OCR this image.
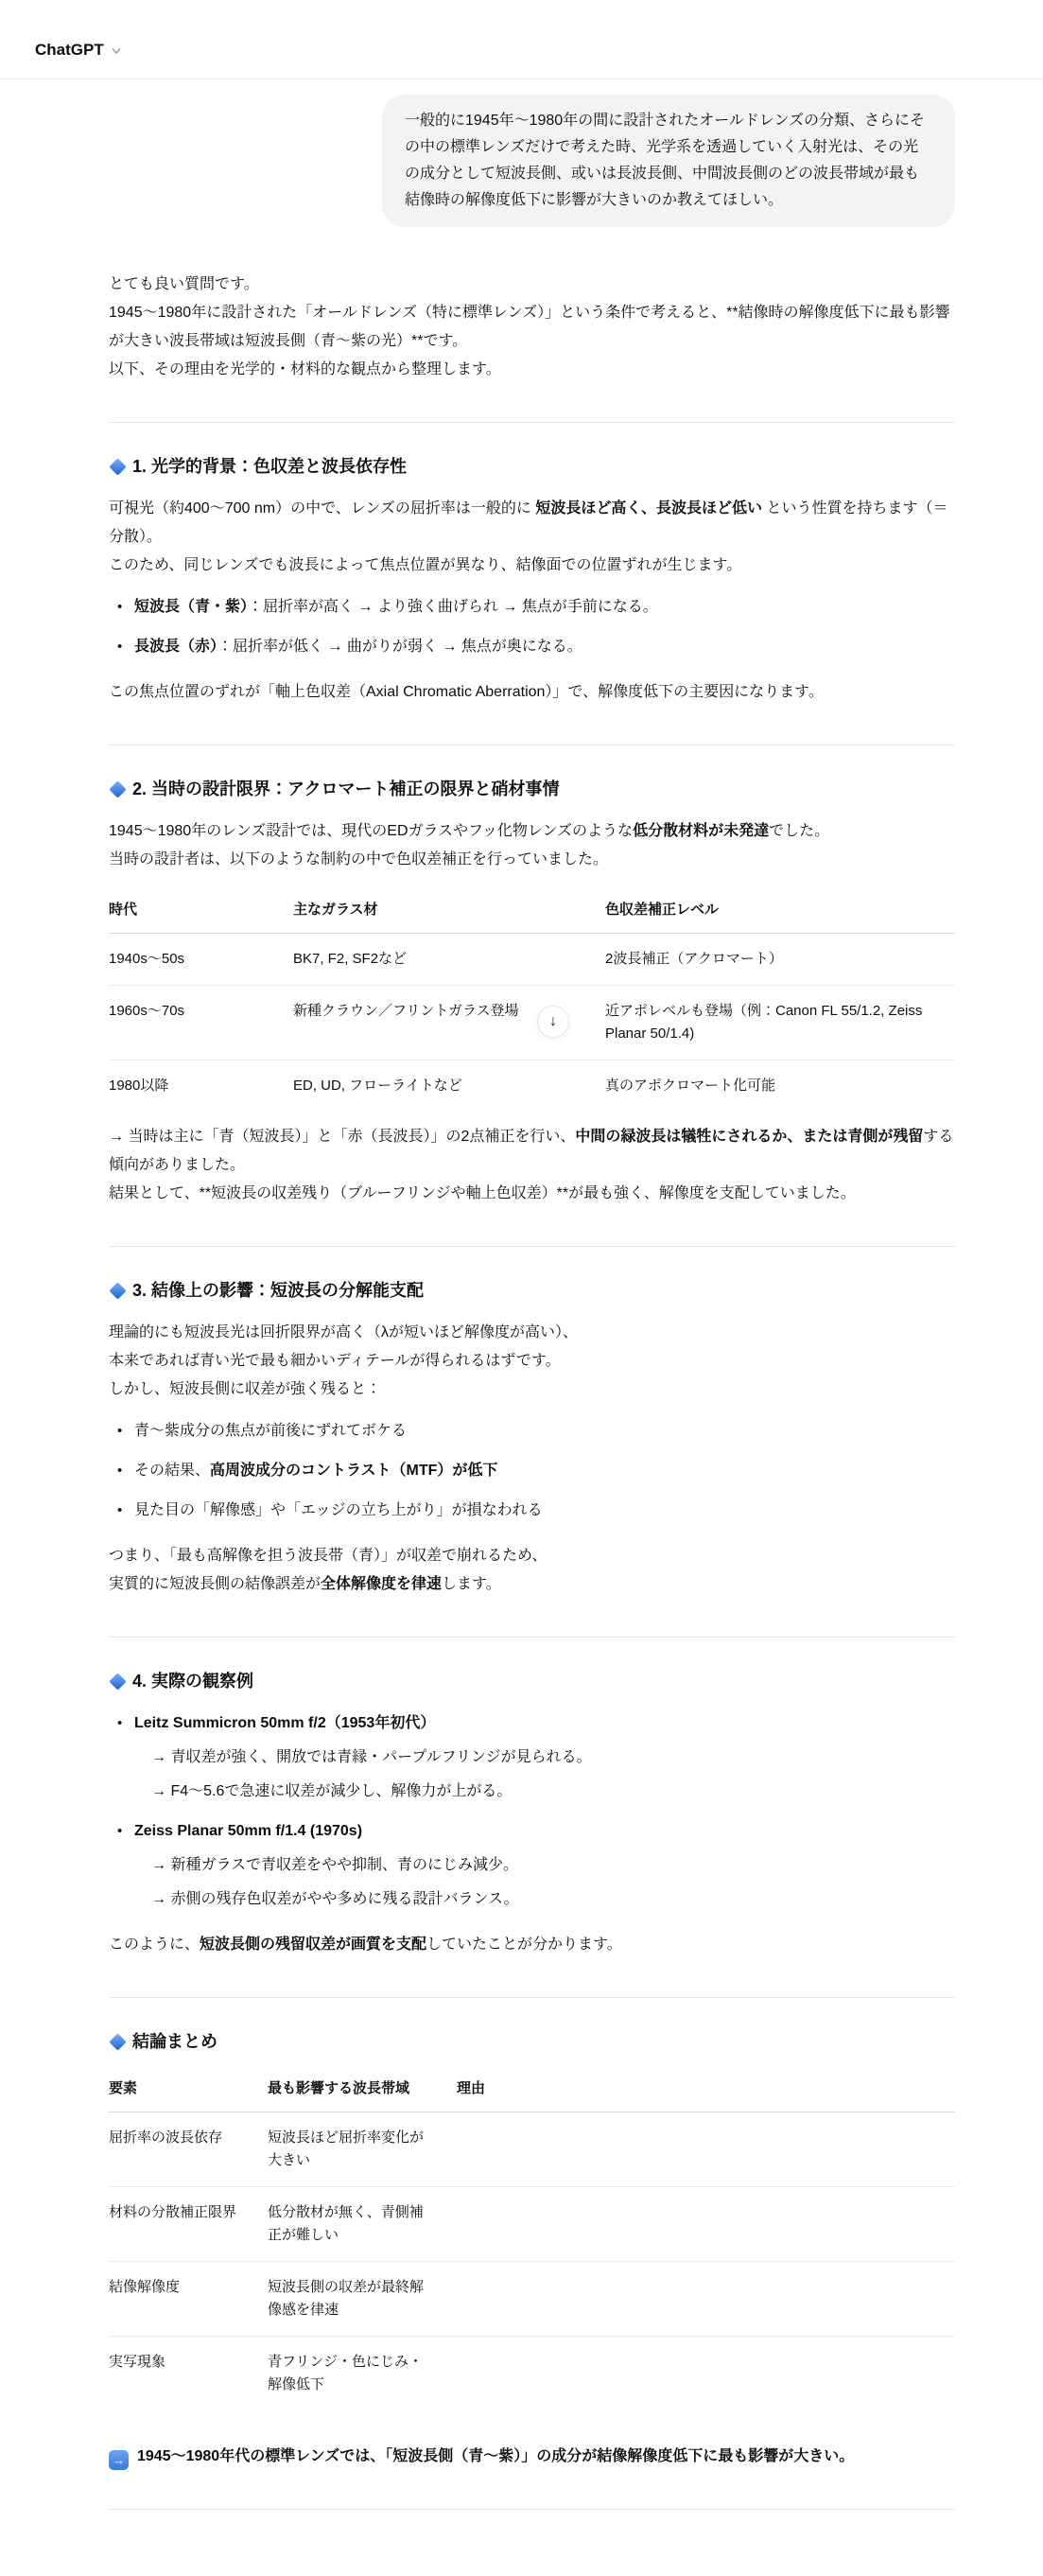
ChatGPT
一般的に1945年〜1980年の間に設計されたオールドレンズの分類、さらにその中の標準レンズだけで考えた時、光学系を透過していく入射光は、その光の成分として短波長側、或いは長波長側、中間波長側のどの波長帯域が最も結像時の解像度低下に影響が大きいのか教えてほしい。

とても良い質問です。
1945〜1980年に設計された「オールドレンズ（特に標準レンズ）」という条件で考えると、**結像時の解像度低下に最も影響が大きい波長帯域は短波長側（青〜紫の光）**です。
以下、その理由を光学的・材料的な観点から整理します。

1. 光学的背景：色収差と波長依存性

可視光（約400〜700 nm）の中で、レンズの屈折率は一般的に 短波長ほど高く、長波長ほど低い という性質を持ちます（＝分散）。
このため、同じレンズでも波長によって焦点位置が異なり、結像面での位置ずれが生じます。

• 短波長（青・紫）：屈折率が高く → より強く曲げられ → 焦点が手前になる。
• 長波長（赤）：屈折率が低く → 曲がりが弱く → 焦点が奥になる。

この焦点位置のずれが「軸上色収差（Axial Chromatic Aberration）」で、解像度低下の主要因になります。

2. 当時の設計限界：アクロマート補正の限界と硝材事情

1945〜1980年のレンズ設計では、現代のEDガラスやフッ化物レンズのような低分散材料が未発達でした。
当時の設計者は、以下のような制約の中で色収差補正を行っていました。

時代	主なガラス材	色収差補正レベル
1940s〜50s	BK7, F2, SF2など	2波長補正（アクロマート）
1960s〜70s	新種クラウン／フリントガラス登場	近アポレベルも登場（例：Canon FL 55/1.2, Zeiss Planar 50/1.4)
1980以降	ED, UD, フローライトなど	真のアポクロマート化可能

→ 当時は主に「青（短波長）」と「赤（長波長）」の2点補正を行い、中間の緑波長は犠牲にされるか、または青側が残留する傾向がありました。
結果として、**短波長の収差残り（ブルーフリンジや軸上色収差）**が最も強く、解像度を支配していました。

3. 結像上の影響：短波長の分解能支配

理論的にも短波長光は回折限界が高く（λが短いほど解像度が高い）、
本来であれば青い光で最も細かいディテールが得られるはずです。
しかし、短波長側に収差が強く残ると：

• 青〜紫成分の焦点が前後にずれてボケる
• その結果、高周波成分のコントラスト（MTF）が低下
• 見た目の「解像感」や「エッジの立ち上がり」が損なわれる

つまり、「最も高解像を担う波長帯（青）」が収差で崩れるため、
実質的に短波長側の結像誤差が全体解像度を律速します。

4. 実際の観察例
• Leitz Summicron 50mm f/2（1953年初代）
→ 青収差が強く、開放では青縁・パープルフリンジが見られる。
→ F4〜5.6で急速に収差が減少し、解像力が上がる。
• Zeiss Planar 50mm f/1.4 (1970s)
→ 新種ガラスで青収差をやや抑制、青のにじみ減少。
→ 赤側の残存色収差がやや多めに残る設計バランス。

このように、短波長側の残留収差が画質を支配していたことが分かります。

結論まとめ
要素	最も影響する波長帯域	理由
屈折率の波長依存	短波長ほど屈折率変化が大きい	
材料の分散補正限界	低分散材が無く、青側補正が難しい	
結像解像度	短波長側の収差が最終解像感を律速	
実写現象	青フリンジ・色にじみ・解像低下	

→ 1945〜1980年代の標準レンズでは、「短波長側（青〜紫）」の成分が結像解像度低下に最も影響が大きい。

↓
